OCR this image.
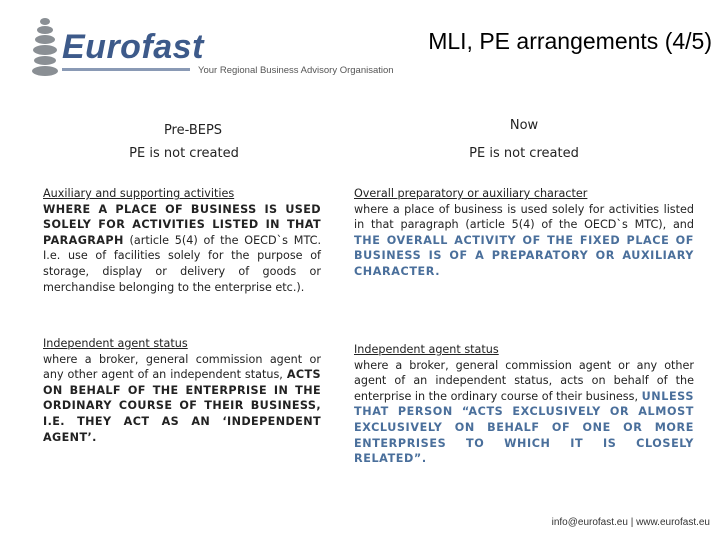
Eurofast
Your Regional Business Advisory Organisation
MLI, PE arrangements (4/5)
Pre-BEPS
PE is not created
Auxiliary and supporting activities
WHERE A PLACE OF BUSINESS IS USED SOLELY FOR ACTIVITIES LISTED IN THAT PARAGRAPH (article 5(4) of the OECD`s MTC. I.e. use of facilities solely for the purpose of storage, display or delivery of goods or merchandise belonging to the enterprise etc.).
Independent agent status
where a broker, general commission agent or any other agent of an independent status, ACTS ON BEHALF OF THE ENTERPRISE IN THE ORDINARY COURSE OF THEIR BUSINESS, I.E. THEY ACT AS AN ‘INDEPENDENT AGENT’.
Now
PE is not created
Overall preparatory or auxiliary character
where a place of business is used solely for activities listed in that paragraph (article 5(4) of the OECD`s MTC), and THE OVERALL ACTIVITY OF THE FIXED PLACE OF BUSINESS IS OF A PREPARATORY OR AUXILIARY CHARACTER.
Independent agent status
where a broker, general commission agent or any other agent of an independent status, acts on behalf of the enterprise in the ordinary course of their business, UNLESS THAT PERSON “ACTS EXCLUSIVELY OR ALMOST EXCLUSIVELY ON BEHALF OF ONE OR MORE ENTERPRISES TO WHICH IT IS CLOSELY RELATED”.
info@eurofast.eu | www.eurofast.eu
